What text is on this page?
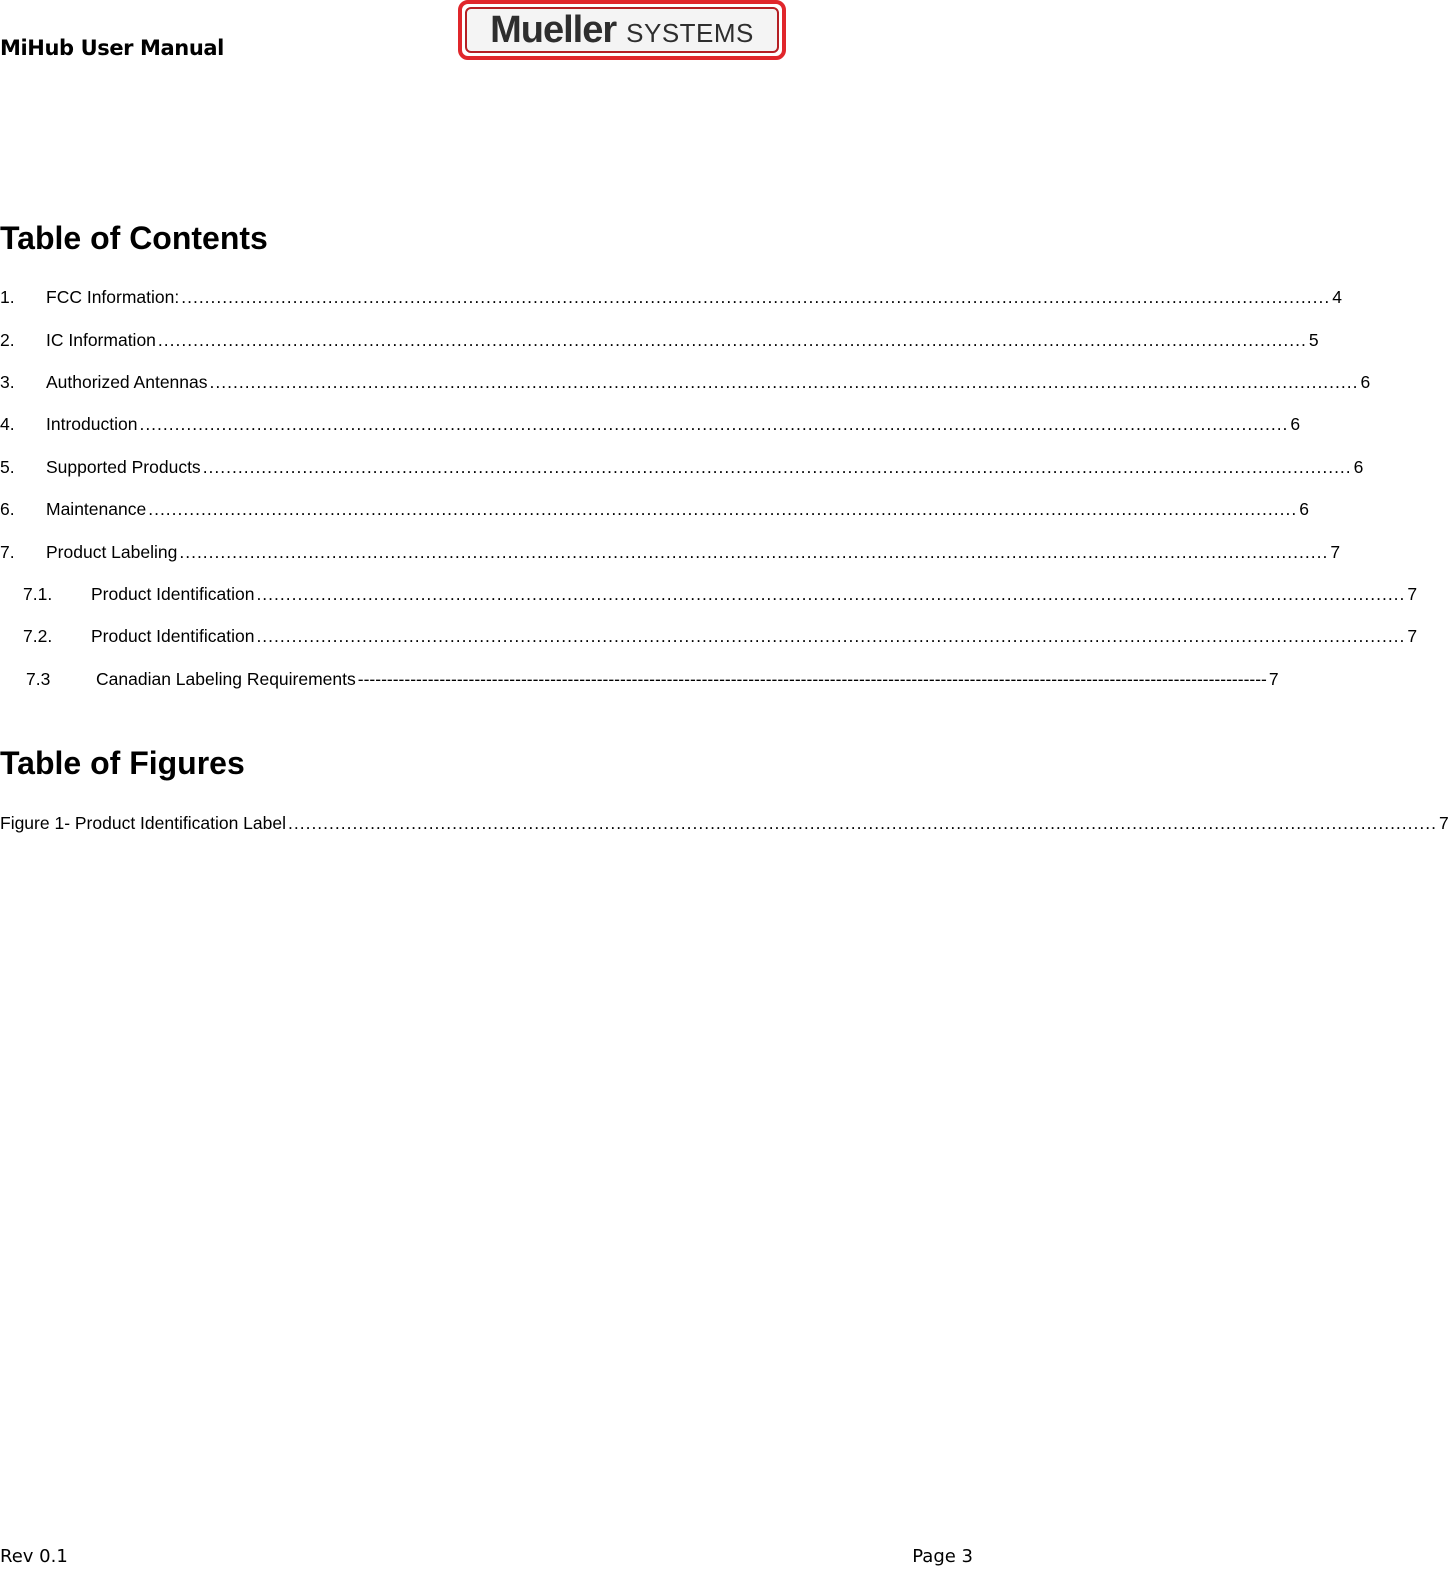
MiHub User Manual	Mueller SYSTEMS
Table of Contents
1.	FCC Information: .................................................................................................................................................................................................... 4
2.	IC Information .................................................................................................................................................................................................... 5
3.	Authorized Antennas .................................................................................................................................................................................................... 6
4.	Introduction .................................................................................................................................................................................................... 6
5.	Supported Products .................................................................................................................................................................................................... 6
6.	Maintenance .................................................................................................................................................................................................... 6
7.	Product Labeling .................................................................................................................................................................................................... 7
7.1.	Product Identification .................................................................................................................................................................................................... 7
7.2.	Product Identification .................................................................................................................................................................................................... 7
7.3	Canadian Labeling Requirements ------------------------------------------------------------------------------------------------------------------------------------------------------------ 7
Table of Figures
Figure 1- Product Identification Label .................................................................................................................................................................................................... 7
Rev 0.1	Page 3
